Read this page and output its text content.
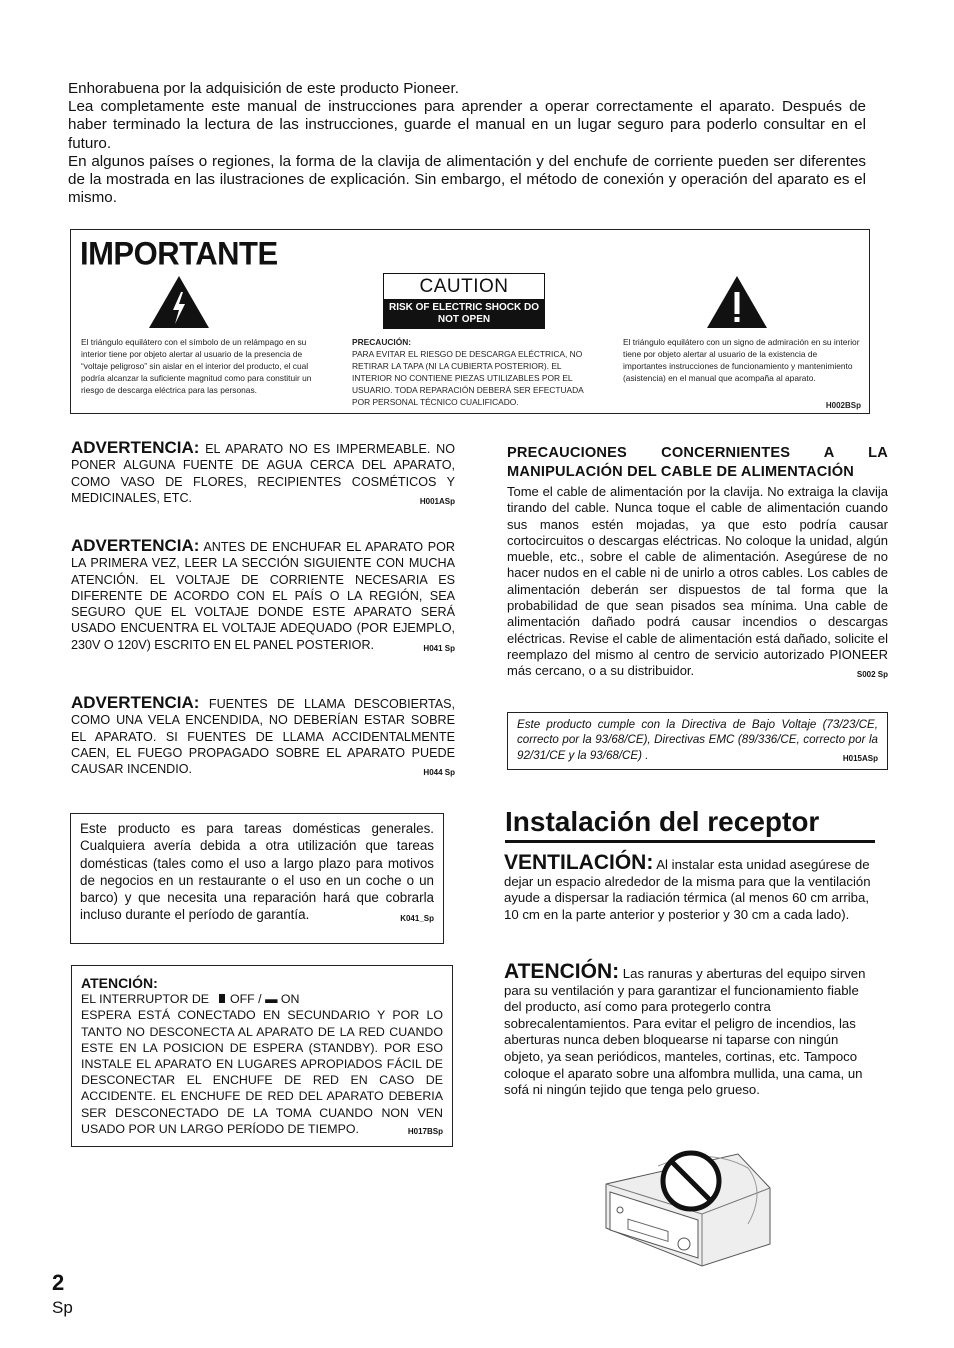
Enhorabuena por la adquisición de este producto Pioneer.

Lea completamente este manual de instrucciones para aprender a operar correctamente el aparato. Después de haber terminado la lectura de las instrucciones, guarde el manual en un lugar seguro para poderlo consultar en el futuro.

En algunos países o regiones, la forma de la clavija de alimentación y del enchufe de corriente pueden ser diferentes de la mostrada en las ilustraciones de explicación. Sin embargo, el método de conexión y operación del aparato es el mismo.

IMPORTANTE
CAUTION
RISK OF ELECTRIC SHOCK DO NOT OPEN
El triángulo equilátero con el símbolo de un relámpago en su interior tiene por objeto alertar al usuario de la presencia de “voltaje peligroso” sin aislar en el interior del producto, el cual podría alcanzar la suficiente magnitud como para constituir un riesgo de descarga eléctrica para las personas.
PRECAUCIÓN:
PARA EVITAR EL RIESGO DE DESCARGA ELÉCTRICA, NO RETIRAR LA TAPA (NI LA CUBIERTA POSTERIOR). EL INTERIOR NO CONTIENE PIEZAS UTILIZABLES POR EL USUARIO. TODA REPARACIÓN DEBERÁ SER EFECTUADA POR PERSONAL TÉCNICO CUALIFICADO.
El triángulo equilátero con un signo de admiración en su interior tiene por objeto alertar al usuario de la existencia de importantes instrucciones de funcionamiento y mantenimiento (asistencia) en el manual que acompaña al aparato.
H002BSp
ADVERTENCIA: EL APARATO NO ES IMPERMEABLE. NO PONER ALGUNA FUENTE DE AGUA CERCA DEL APARATO, COMO VASO DE FLORES, RECIPIENTES COSMÉTICOS Y MEDICINALES, ETC.	H001ASp
ADVERTENCIA: ANTES DE ENCHUFAR EL APARATO POR LA PRIMERA VEZ, LEER LA SECCIÓN SIGUIENTE CON MUCHA ATENCIÓN. EL VOLTAJE DE CORRIENTE NECESARIA ES DIFERENTE DE ACORDO CON EL PAÍS O LA REGIÓN, SEA SEGURO QUE EL VOLTAJE DONDE ESTE APARATO SERÁ USADO ENCUENTRA EL VOLTAJE ADEQUADO (POR EJEMPLO, 230V O 120V) ESCRITO EN EL PANEL POSTERIOR.	H041 Sp
ADVERTENCIA: FUENTES DE LLAMA DESCOBIERTAS, COMO UNA VELA ENCENDIDA, NO DEBERÍAN ESTAR SOBRE EL APARATO. SI FUENTES DE LLAMA ACCIDENTALMENTE CAEN, EL FUEGO PROPAGADO SOBRE EL APARATO PUEDE CAUSAR INCENDIO.	H044 Sp
Este producto es para tareas domésticas generales. Cualquiera avería debida a otra utilización que tareas domésticas (tales como el uso a largo plazo para motivos de negocios en un restaurante o el uso en un coche o un barco) y que necesita una reparación hará que cobrarla incluso durante el período de garantía.	K041_Sp
ATENCIÓN:
EL INTERRUPTOR DE OFF / ▬ ON
ESPERA ESTÁ CONECTADO EN SECUNDARIO Y POR LO TANTO NO DESCONECTA AL APARATO DE LA RED CUANDO ESTE EN LA POSICION DE ESPERA (STANDBY). POR ESO INSTALE EL APARATO EN LUGARES APROPIADOS FÁCIL DE DESCONECTAR EL ENCHUFE DE RED EN CASO DE ACCIDENTE. EL ENCHUFE DE RED DEL APARATO DEBERIA SER DESCONECTADO DE LA TOMA CUANDO NON VEN USADO POR UN LARGO PERÍODO DE TIEMPO.	H017BSp
PRECAUCIONES CONCERNIENTES A LA MANIPULACIÓN DEL CABLE DE ALIMENTACIÓN
Tome el cable de alimentación por la clavija. No extraiga la clavija tirando del cable. Nunca toque el cable de alimentación cuando sus manos estén mojadas, ya que esto podría causar cortocircuitos o descargas eléctricas. No coloque la unidad, algún mueble, etc., sobre el cable de alimentación. Asegúrese de no hacer nudos en el cable ni de unirlo a otros cables. Los cables de alimentación deberán ser dispuestos de tal forma que la probabilidad de que sean pisados sea mínima. Una cable de alimentación dañado podrá causar incendios o descargas eléctricas. Revise el cable de alimentación está dañado, solicite el reemplazo del mismo al centro de servicio autorizado PIONEER más cercano, o a su distribuidor.	S002 Sp
Este producto cumple con la Directiva de Bajo Voltaje (73/23/CE, correcto por la 93/68/CE), Directivas EMC (89/336/CE, correcto por la 92/31/CE y la 93/68/CE) .	H015ASp
Instalación del receptor
VENTILACIÓN: Al instalar esta unidad asegúrese de dejar un espacio alrededor de la misma para que la ventilación ayude a dispersar la radiación térmica (al menos 60 cm arriba, 10 cm en la parte anterior y posterior y 30 cm a cada lado).
ATENCIÓN: Las ranuras y aberturas del equipo sirven para su ventilación y para garantizar el funcionamiento fiable del producto, así como para protegerlo contra sobrecalentamientos. Para evitar el peligro de incendios, las aberturas nunca deben bloquearse ni taparse con ningún objeto, ya sean periódicos, manteles, cortinas, etc. Tampoco coloque el aparato sobre una alfombra mullida, una cama, un sofá ni ningún tejido que tenga pelo grueso.
2
Sp
